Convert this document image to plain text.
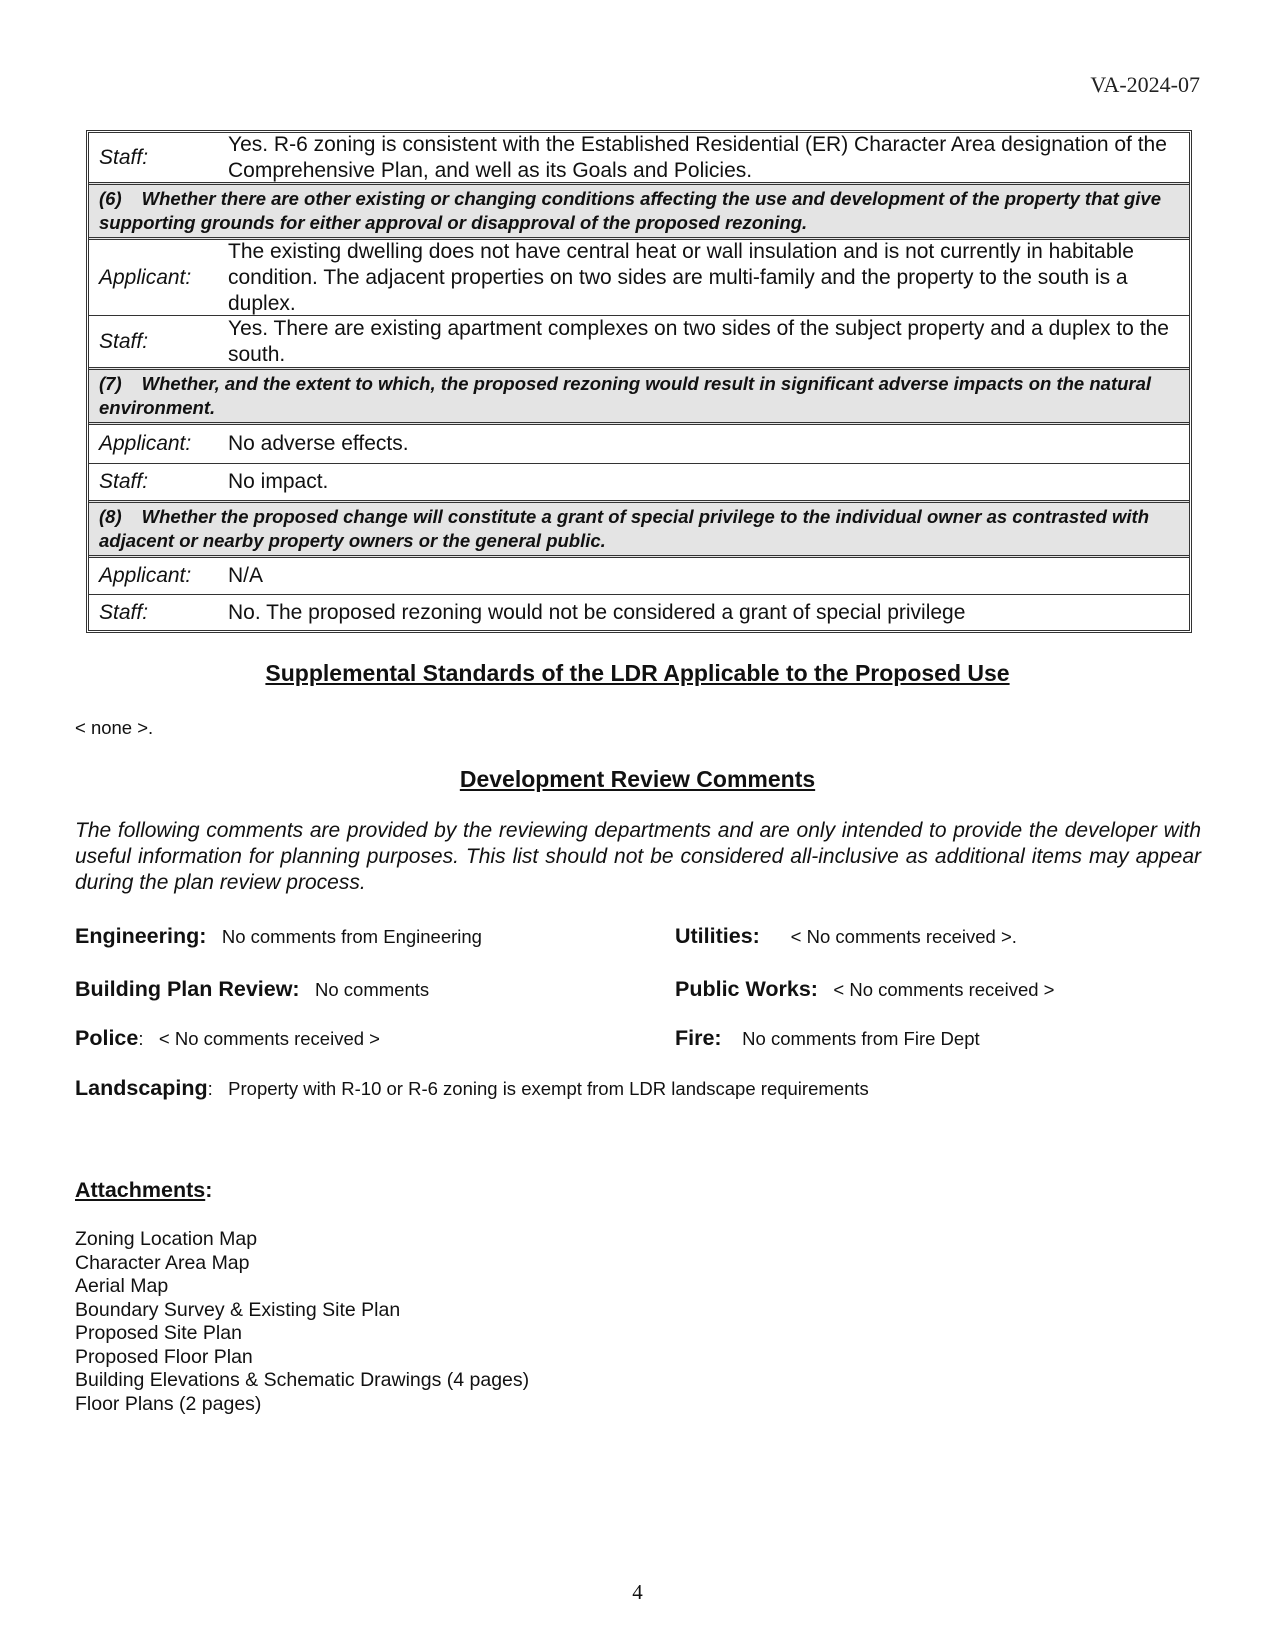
VA-2024-07
Staff:
Yes. R-6 zoning is consistent with the Established Residential (ER) Character Area designation of the Comprehensive Plan, and well as its Goals and Policies.
(6) Whether there are other existing or changing conditions affecting the use and development of the property that give supporting grounds for either approval or disapproval of the proposed rezoning.
Applicant:
The existing dwelling does not have central heat or wall insulation and is not currently in habitable condition. The adjacent properties on two sides are multi-family and the property to the south is a duplex.
Staff:
Yes. There are existing apartment complexes on two sides of the subject property and a duplex to the south.
(7) Whether, and the extent to which, the proposed rezoning would result in significant adverse impacts on the natural environment.
Applicant:	No adverse effects.
Staff:	No impact.
(8) Whether the proposed change will constitute a grant of special privilege to the individual owner as contrasted with adjacent or nearby property owners or the general public.
Applicant:	N/A
Staff:	No. The proposed rezoning would not be considered a grant of special privilege
Supplemental Standards of the LDR Applicable to the Proposed Use
< none >.
Development Review Comments
The following comments are provided by the reviewing departments and are only intended to provide the developer with useful information for planning purposes. This list should not be considered all-inclusive as additional items may appear during the plan review process.
Engineering: No comments from Engineering	Utilities: < No comments received >.
Building Plan Review: No comments	Public Works: < No comments received >
Police: < No comments received >	Fire: No comments from Fire Dept
Landscaping: Property with R-10 or R-6 zoning is exempt from LDR landscape requirements
Attachments:
Zoning Location Map
Character Area Map
Aerial Map
Boundary Survey & Existing Site Plan
Proposed Site Plan
Proposed Floor Plan
Building Elevations & Schematic Drawings (4 pages)
Floor Plans (2 pages)
4
